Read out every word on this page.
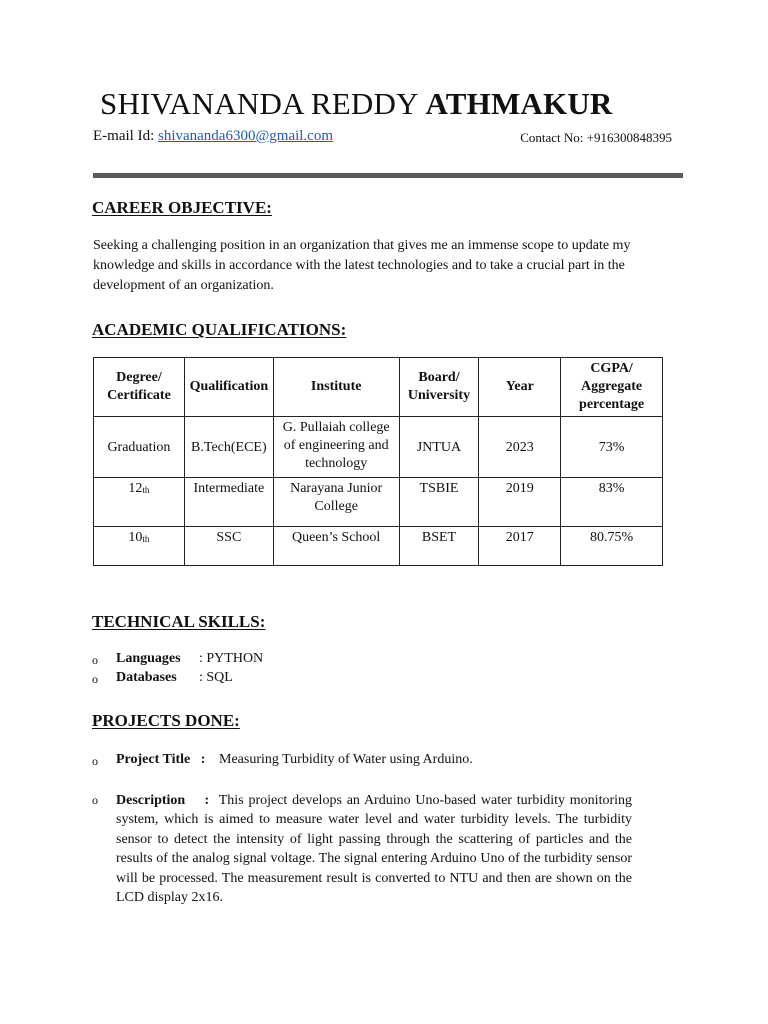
SHIVANANDA REDDY ATHMAKUR
E-mail Id: shivananda6300@gmail.com	Contact No: +916300848395
CAREER OBJECTIVE:
Seeking a challenging position in an organization that gives me an immense scope to update my knowledge and skills in accordance with the latest technologies and to take a crucial part in the development of an organization.
ACADEMIC QUALIFICATIONS:
Degree/ Certificate	Qualification	Institute	Board/ University	Year	CGPA/ Aggregate percentage
Graduation	B.Tech(ECE)	G. Pullaiah college of engineering and technology	JNTUA	2023	73%
$12_{th}$	Intermediate	Narayana Junior College	TSBIE	2019	83%
$10_{th}$	SSC	Queen’s School	BSET	2017	80.75%
TECHNICAL SKILLS:
o Languages : PYTHON
o Databases : SQL
PROJECTS DONE:
o Project Title : Measuring Turbidity of Water using Arduino.
o Description : This project develops an Arduino Uno-based water turbidity monitoring system, which is aimed to measure water level and water turbidity levels. The turbidity sensor to detect the intensity of light passing through the scattering of particles and the results of the analog signal voltage. The signal entering Arduino Uno of the turbidity sensor will be processed. The measurement result is converted to NTU and then are shown on the LCD display 2x16.
